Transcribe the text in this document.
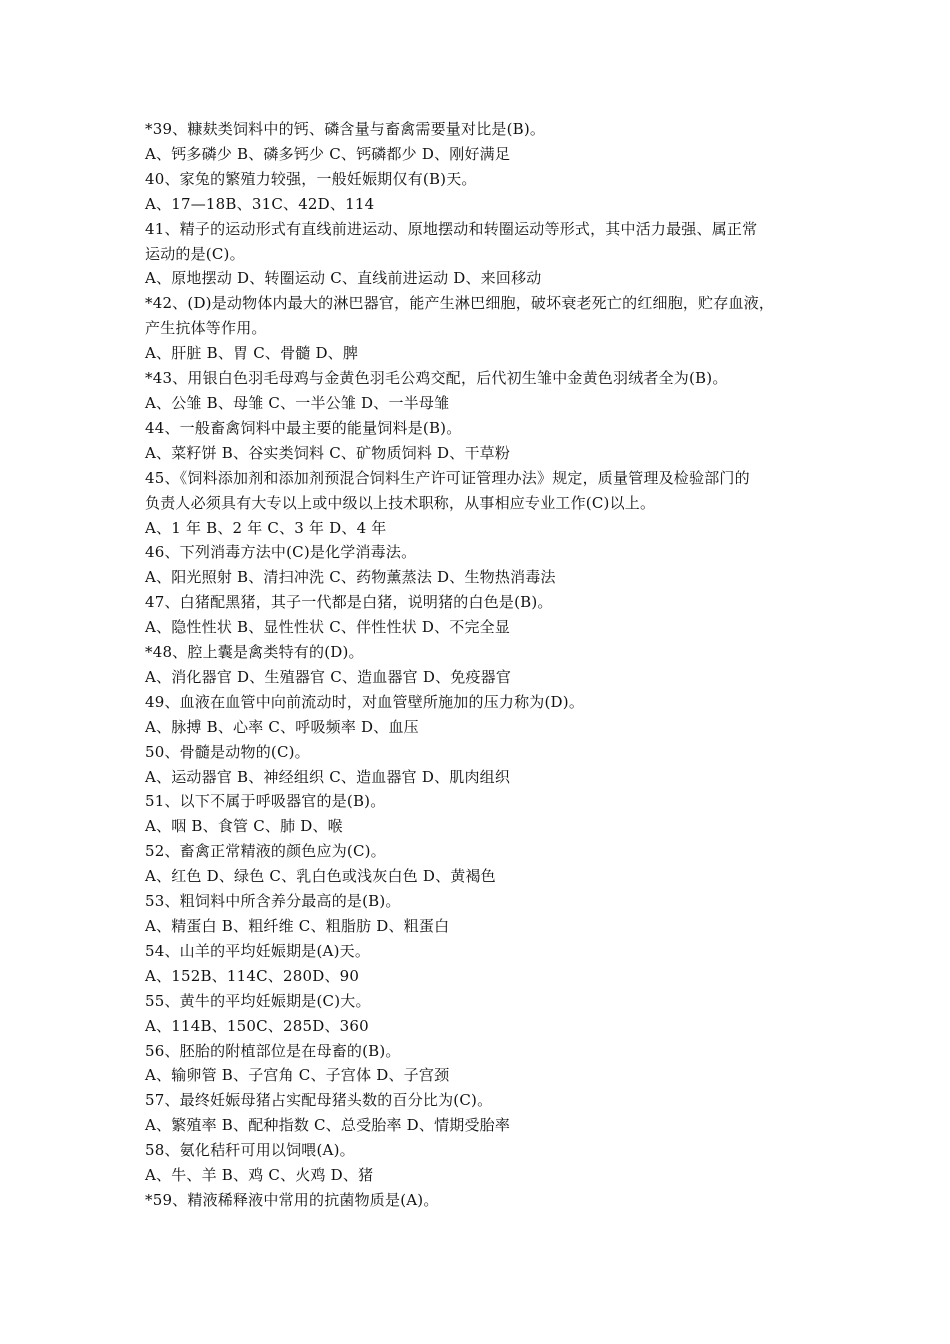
*39、糠麸类饲料中的钙、磷含量与畜禽需要量对比是(B)。
A、钙多磷少 B、磷多钙少 C、钙磷都少 D、刚好满足
40、家兔的繁殖力较强，一般妊娠期仅有(B)天。
A、17—18B、31C、42D、114
41、精子的运动形式有直线前进运动、原地摆动和转圈运动等形式，其中活力最强、属正常
运动的是(C)。
A、原地摆动 D、转圈运动 C、直线前进运动 D、来回移动
*42、(D)是动物体内最大的淋巴器官，能产生淋巴细胞，破坏衰老死亡的红细胞，贮存血液，
产生抗体等作用。
A、肝脏 B、胃 C、骨髓 D、脾
*43、用银白色羽毛母鸡与金黄色羽毛公鸡交配，后代初生雏中金黄色羽绒者全为(B)。
A、公雏 B、母雏 C、一半公雏 D、一半母雏
44、一般畜禽饲料中最主要的能量饲料是(B)。
A、菜籽饼 B、谷实类饲料 C、矿物质饲料 D、干草粉
45、《饲料添加剂和添加剂预混合饲料生产许可证管理办法》规定，质量管理及检验部门的
负责人必须具有大专以上或中级以上技术职称，从事相应专业工作(C)以上。
A、1 年 B、2 年 C、3 年 D、4 年
46、下列消毒方法中(C)是化学消毒法。
A、阳光照射 B、清扫冲洗 C、药物薰蒸法 D、生物热消毒法
47、白猪配黑猪，其子一代都是白猪，说明猪的白色是(B)。
A、隐性性状 B、显性性状 C、伴性性状 D、不完全显
*48、腔上囊是禽类特有的(D)。
A、消化器官 D、生殖器官 C、造血器官 D、免疫器官
49、血液在血管中向前流动时，对血管壁所施加的压力称为(D)。
A、脉搏 B、心率 C、呼吸频率 D、血压
50、骨髓是动物的(C)。
A、运动器官 B、神经组织 C、造血器官 D、肌肉组织
51、以下不属于呼吸器官的是(B)。
A、咽 B、食管 C、肺 D、喉
52、畜禽正常精液的颜色应为(C)。
A、红色 D、绿色 C、乳白色或浅灰白色 D、黄褐色
53、粗饲料中所含养分最高的是(B)。
A、精蛋白 B、粗纤维 C、粗脂肪 D、粗蛋白
54、山羊的平均妊娠期是(A)天。
A、152B、114C、280D、90
55、黄牛的平均妊娠期是(C)大。
A、114B、150C、285D、360
56、胚胎的附植部位是在母畜的(B)。
A、输卵管 B、子宫角 C、子宫体 D、子宫颈
57、最终妊娠母猪占实配母猪头数的百分比为(C)。
A、繁殖率 B、配种指数 C、总受胎率 D、情期受胎率
58、氨化秸秆可用以饲喂(A)。
A、牛、羊 B、鸡 C、火鸡 D、猪
*59、精液稀释液中常用的抗菌物质是(A)。
